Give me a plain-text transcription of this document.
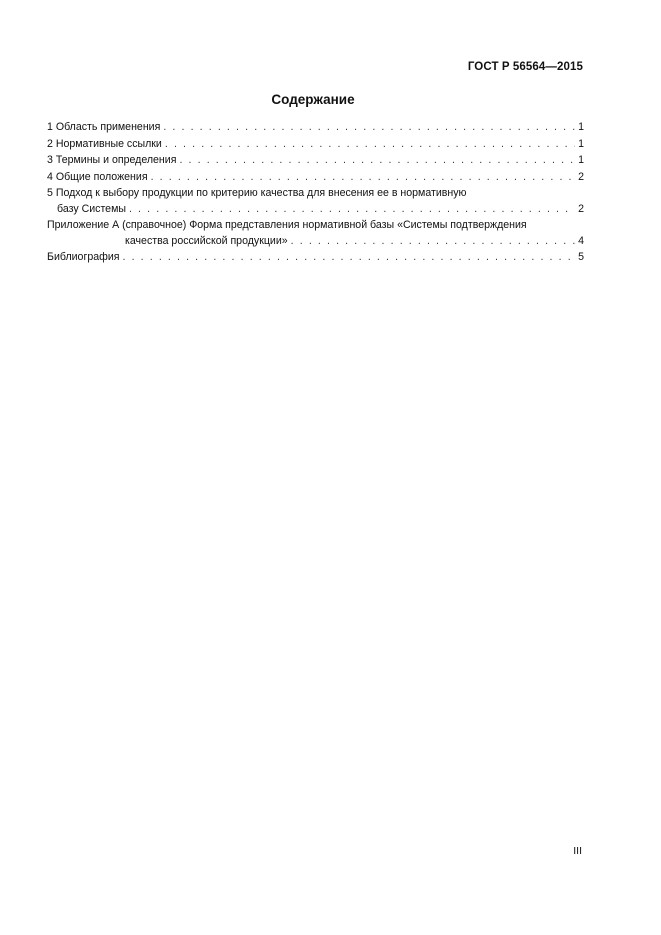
ГОСТ Р 56564—2015
Содержание
1 Область применения . . .	1
2 Нормативные ссылки . . .	1
3 Термины и определения . . .	1
4 Общие положения . . .	2
5 Подход к выбору продукции по критерию качества для внесения ее в нормативную
базу Системы . . .	2
Приложение А (справочное) Форма представления нормативной базы «Системы подтверждения
качества российской продукции» . . .	4
Библиография . . .	5
III
